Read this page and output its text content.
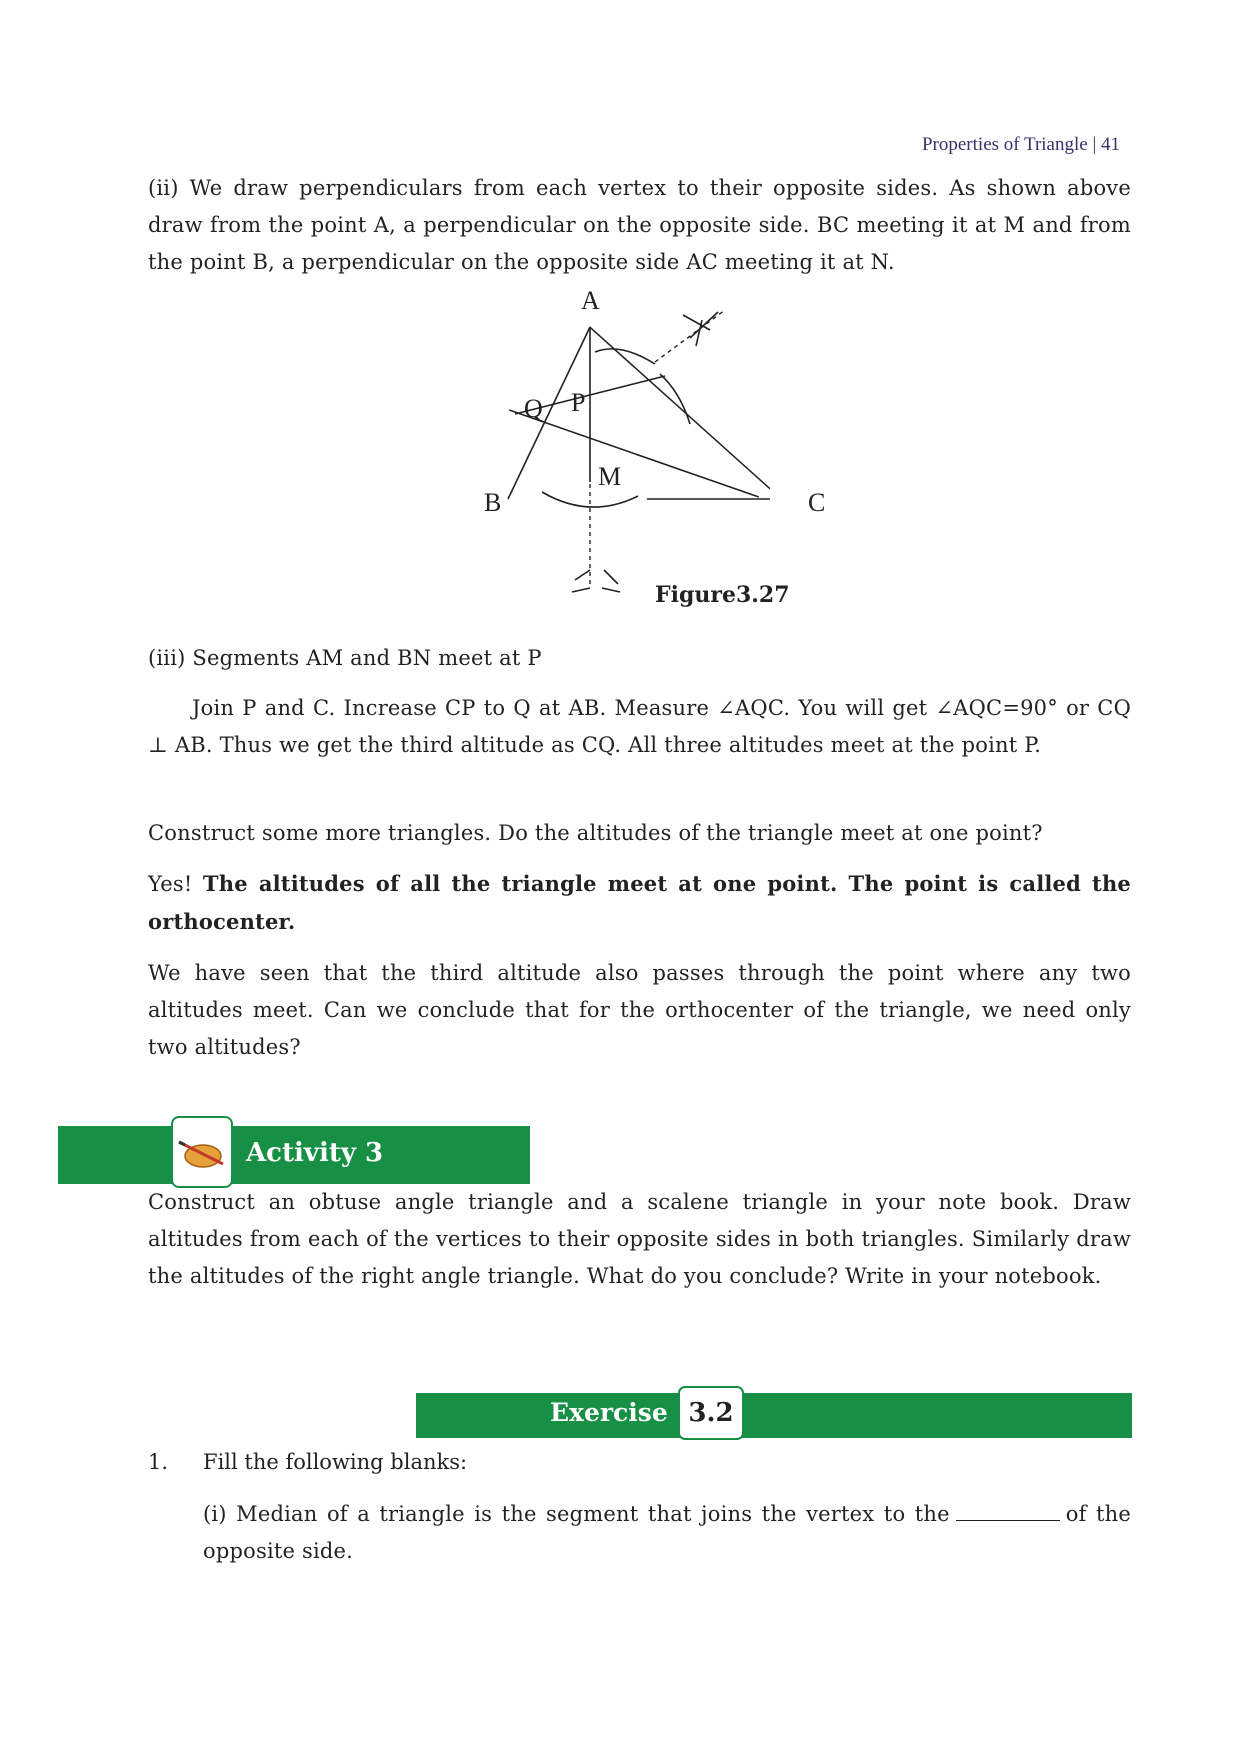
Properties of Triangle | 41

(ii) We draw perpendiculars from each vertex to their opposite sides. As shown above draw from the point A, a perpendicular on the opposite side. BC meeting it at M and from the point B, a perpendicular on the opposite side AC meeting it at N.

A
B	C
P
Q
M
Figure3.27

(iii) Segments AM and BN meet at P

Join P and C. Increase CP to Q at AB. Measure ∠AQC. You will get ∠AQC=90° or CQ ⊥ AB. Thus we get the third altitude as CQ. All three altitudes meet at the point P.

Construct some more triangles. Do the altitudes of the triangle meet at one point?

Yes! The altitudes of all the triangle meet at one point. The point is called the orthocenter.

We have seen that the third altitude also passes through the point where any two altitudes meet. Can we conclude that for the orthocenter of the triangle, we need only two altitudes?

Activity 3

Construct an obtuse angle triangle and a scalene triangle in your note book. Draw altitudes from each of the vertices to their opposite sides in both triangles. Similarly draw the altitudes of the right angle triangle. What do you conclude? Write in your notebook.

Exercise 3.2
1. Fill the following blanks:

(i) Median of a triangle is the segment that joins the vertex to the	of the opposite side.
